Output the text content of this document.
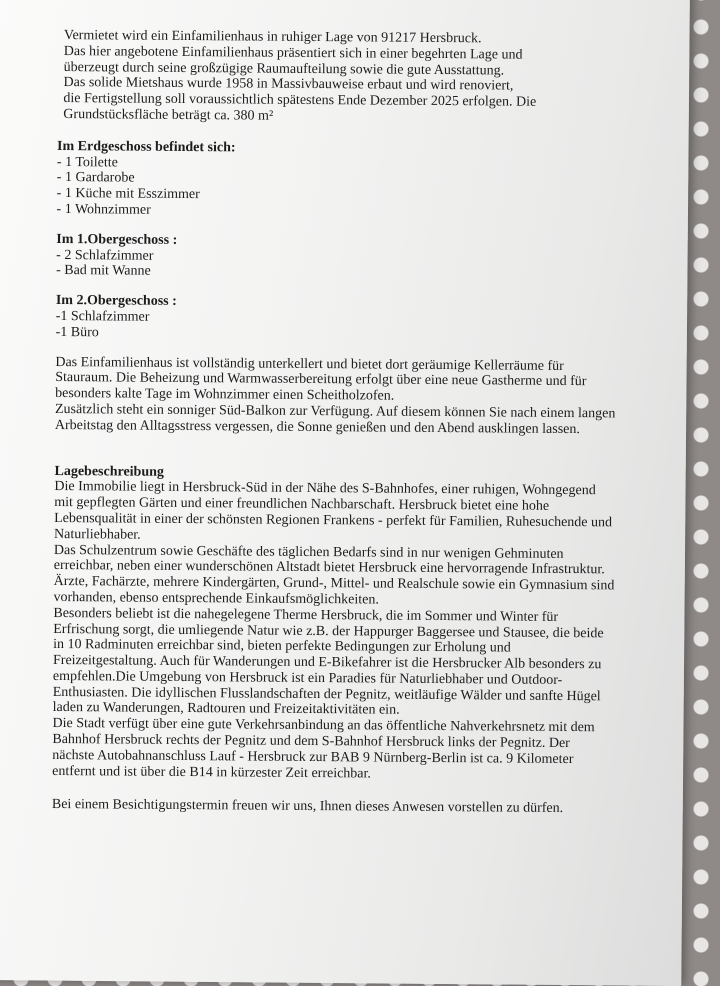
Vermietet wird ein Einfamilienhaus in ruhiger Lage von 91217 Hersbruck.

Das hier angebotene Einfamilienhaus präsentiert sich in einer begehrten Lage und

überzeugt durch seine großzügige Raumaufteilung sowie die gute Ausstattung.

Das solide Mietshaus wurde 1958 in Massivbauweise erbaut und wird renoviert,

die Fertigstellung soll voraussichtlich spätestens Ende Dezember 2025 erfolgen. Die

Grundstücksfläche beträgt ca. 380 m²

Im Erdgeschoss befindet sich:

- 1 Toilette

- 1 Gardarobe

- 1 Küche mit Esszimmer

- 1 Wohnzimmer

Im 1.Obergeschoss :

- 2 Schlafzimmer

- Bad mit Wanne

Im 2.Obergeschoss :

-1 Schlafzimmer

-1 Büro

Das Einfamilienhaus ist vollständig unterkellert und bietet dort geräumige Kellerräume für

Stauraum. Die Beheizung und Warmwasserbereitung erfolgt über eine neue Gastherme und für

besonders kalte Tage im Wohnzimmer einen Scheitholzofen.

Zusätzlich steht ein sonniger Süd-Balkon zur Verfügung. Auf diesem können Sie nach einem langen

Arbeitstag den Alltagsstress vergessen, die Sonne genießen und den Abend ausklingen lassen.

Lagebeschreibung

Die Immobilie liegt in Hersbruck-Süd in der Nähe des S-Bahnhofes, einer ruhigen, Wohngegend

mit gepflegten Gärten und einer freundlichen Nachbarschaft. Hersbruck bietet eine hohe

Lebensqualität in einer der schönsten Regionen Frankens - perfekt für Familien, Ruhesuchende und

Naturliebhaber.

Das Schulzentrum sowie Geschäfte des täglichen Bedarfs sind in nur wenigen Gehminuten

erreichbar, neben einer wunderschönen Altstadt bietet Hersbruck eine hervorragende Infrastruktur.

Ärzte, Fachärzte, mehrere Kindergärten, Grund-, Mittel- und Realschule sowie ein Gymnasium sind

vorhanden, ebenso entsprechende Einkaufsmöglichkeiten.

Besonders beliebt ist die nahegelegene Therme Hersbruck, die im Sommer und Winter für

Erfrischung sorgt, die umliegende Natur wie z.B. der Happurger Baggersee und Stausee, die beide

in 10 Radminuten erreichbar sind, bieten perfekte Bedingungen zur Erholung und

Freizeitgestaltung. Auch für Wanderungen und E-Bikefahrer ist die Hersbrucker Alb besonders zu

empfehlen.Die Umgebung von Hersbruck ist ein Paradies für Naturliebhaber und Outdoor-

Enthusiasten. Die idyllischen Flusslandschaften der Pegnitz, weitläufige Wälder und sanfte Hügel

laden zu Wanderungen, Radtouren und Freizeitaktivitäten ein.

Die Stadt verfügt über eine gute Verkehrsanbindung an das öffentliche Nahverkehrsnetz mit dem

Bahnhof Hersbruck rechts der Pegnitz und dem S-Bahnhof Hersbruck links der Pegnitz. Der

nächste Autobahnanschluss Lauf - Hersbruck zur BAB 9 Nürnberg-Berlin ist ca. 9 Kilometer

entfernt und ist über die B14 in kürzester Zeit erreichbar.

Bei einem Besichtigungstermin freuen wir uns, Ihnen dieses Anwesen vorstellen zu dürfen.
